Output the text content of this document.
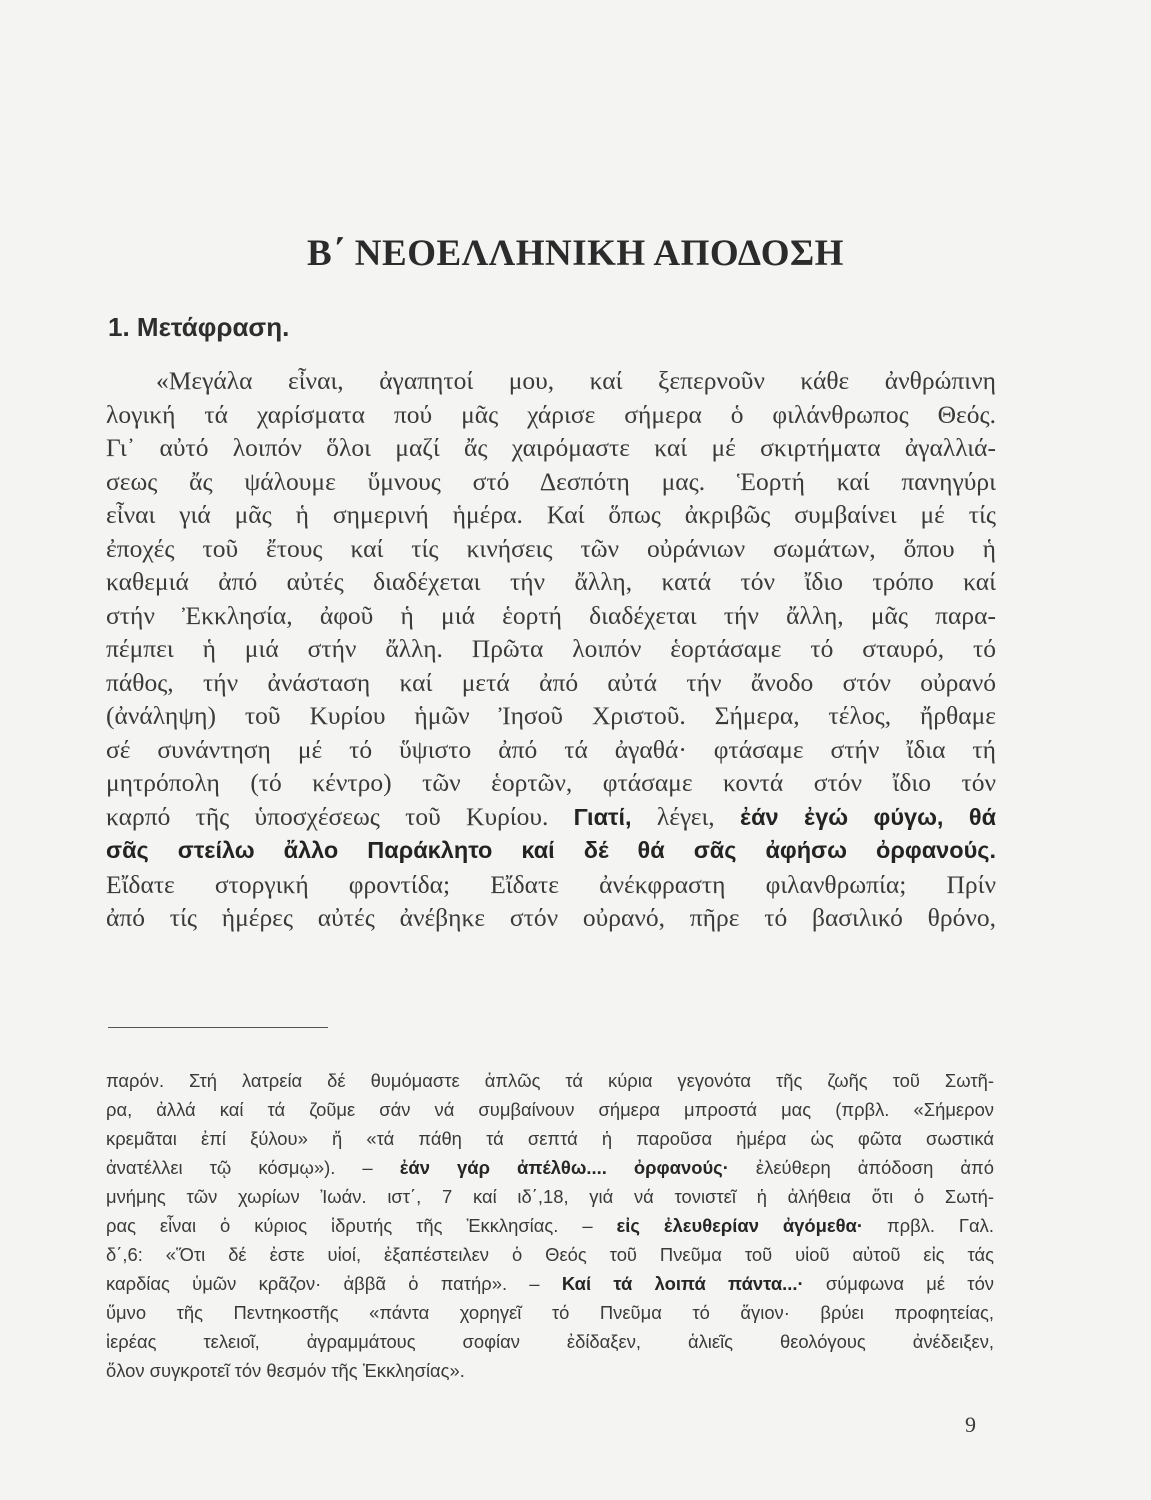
Β΄ ΝΕΟΕΛΛΗΝΙΚΗ ΑΠΟΔΟΣΗ
1. Μετάφραση.
«Μεγάλα εἶναι, ἀγαπητοί μου, καί ξεπερνοῦν κάθε ἀνθρώπινη
λογική τά χαρίσματα πού μᾶς χάρισε σήμερα ὁ φιλάνθρωπος Θεός.
Γι᾿ αὐτό λοιπόν ὅλοι μαζί ἄς χαιρόμαστε καί μέ σκιρτήματα ἀγαλλιά-
σεως ἄς ψάλουμε ὕμνους στό Δεσπότη μας. Ἑορτή καί πανηγύρι
εἶναι γιά μᾶς ἡ σημερινή ἡμέρα. Καί ὅπως ἀκριβῶς συμβαίνει μέ τίς
ἐποχές τοῦ ἔτους καί τίς κινήσεις τῶν οὐράνιων σωμάτων, ὅπου ἡ
καθεμιά ἀπό αὐτές διαδέχεται τήν ἄλλη, κατά τόν ἴδιο τρόπο καί
στήν Ἐκκλησία, ἀφοῦ ἡ μιά ἑορτή διαδέχεται τήν ἄλλη, μᾶς παρα-
πέμπει ἡ μιά στήν ἄλλη. Πρῶτα λοιπόν ἑορτάσαμε τό σταυρό, τό
πάθος, τήν ἀνάσταση καί μετά ἀπό αὐτά τήν ἄνοδο στόν οὐρανό
(ἀνάληψη) τοῦ Κυρίου ἡμῶν Ἰησοῦ Χριστοῦ. Σήμερα, τέλος, ἤρθαμε
σέ συνάντηση μέ τό ὕψιστο ἀπό τά ἀγαθά· φτάσαμε στήν ἴδια τή
μητρόπολη (τό κέντρο) τῶν ἑορτῶν, φτάσαμε κοντά στόν ἴδιο τόν
καρπό τῆς ὑποσχέσεως τοῦ Κυρίου. Γιατί, λέγει, ἐάν ἐγώ φύγω, θά
σᾶς στείλω ἄλλο Παράκλητο καί δέ θά σᾶς ἀφήσω ὀρφανούς.
Εἴδατε στοργική φροντίδα; Εἴδατε ἀνέκφραστη φιλανθρωπία; Πρίν
ἀπό τίς ἡμέρες αὐτές ἀνέβηκε στόν οὐρανό, πῆρε τό βασιλικό θρόνο,
παρόν. Στή λατρεία δέ θυμόμαστε ἁπλῶς τά κύρια γεγονότα τῆς ζωῆς τοῦ Σωτῆ-
ρα, ἀλλά καί τά ζοῦμε σάν νά συμβαίνουν σήμερα μπροστά μας (πρβλ. «Σήμερον
κρεμᾶται ἐπί ξύλου» ἤ «τά πάθη τά σεπτά ἡ παροῦσα ἡμέρα ὡς φῶτα σωστικά
ἀνατέλλει τῷ κόσμῳ»). – ἐάν γάρ ἀπέλθω.... ὀρφανούς· ἐλεύθερη ἀπόδοση ἀπό
μνήμης τῶν χωρίων Ἰωάν. ιστ΄, 7 καί ιδ΄,18, γιά νά τονιστεῖ ἡ ἀλήθεια ὅτι ὁ Σωτή-
ρας εἶναι ὁ κύριος ἱδρυτής τῆς Ἐκκλησίας. – εἰς ἐλευθερίαν ἀγόμεθα· πρβλ. Γαλ.
δ΄,6: «Ὅτι δέ ἐστε υἱοί, ἐξαπέστειλεν ὁ Θεός τοῦ Πνεῦμα τοῦ υἱοῦ αὐτοῦ εἰς τάς
καρδίας ὑμῶν κρᾶζον· ἀββᾶ ὁ πατήρ». – Καί τά λοιπά πάντα...· σύμφωνα μέ τόν
ὕμνο τῆς Πεντηκοστῆς «πάντα χορηγεῖ τό Πνεῦμα τό ἅγιον· βρύει προφητείας,
ἱερέας τελειοῖ, ἀγραμμάτους σοφίαν ἐδίδαξεν, ἁλιεῖς θεολόγους ἀνέδειξεν,
ὅλον συγκροτεῖ τόν θεσμόν τῆς Ἐκκλησίας».
9
